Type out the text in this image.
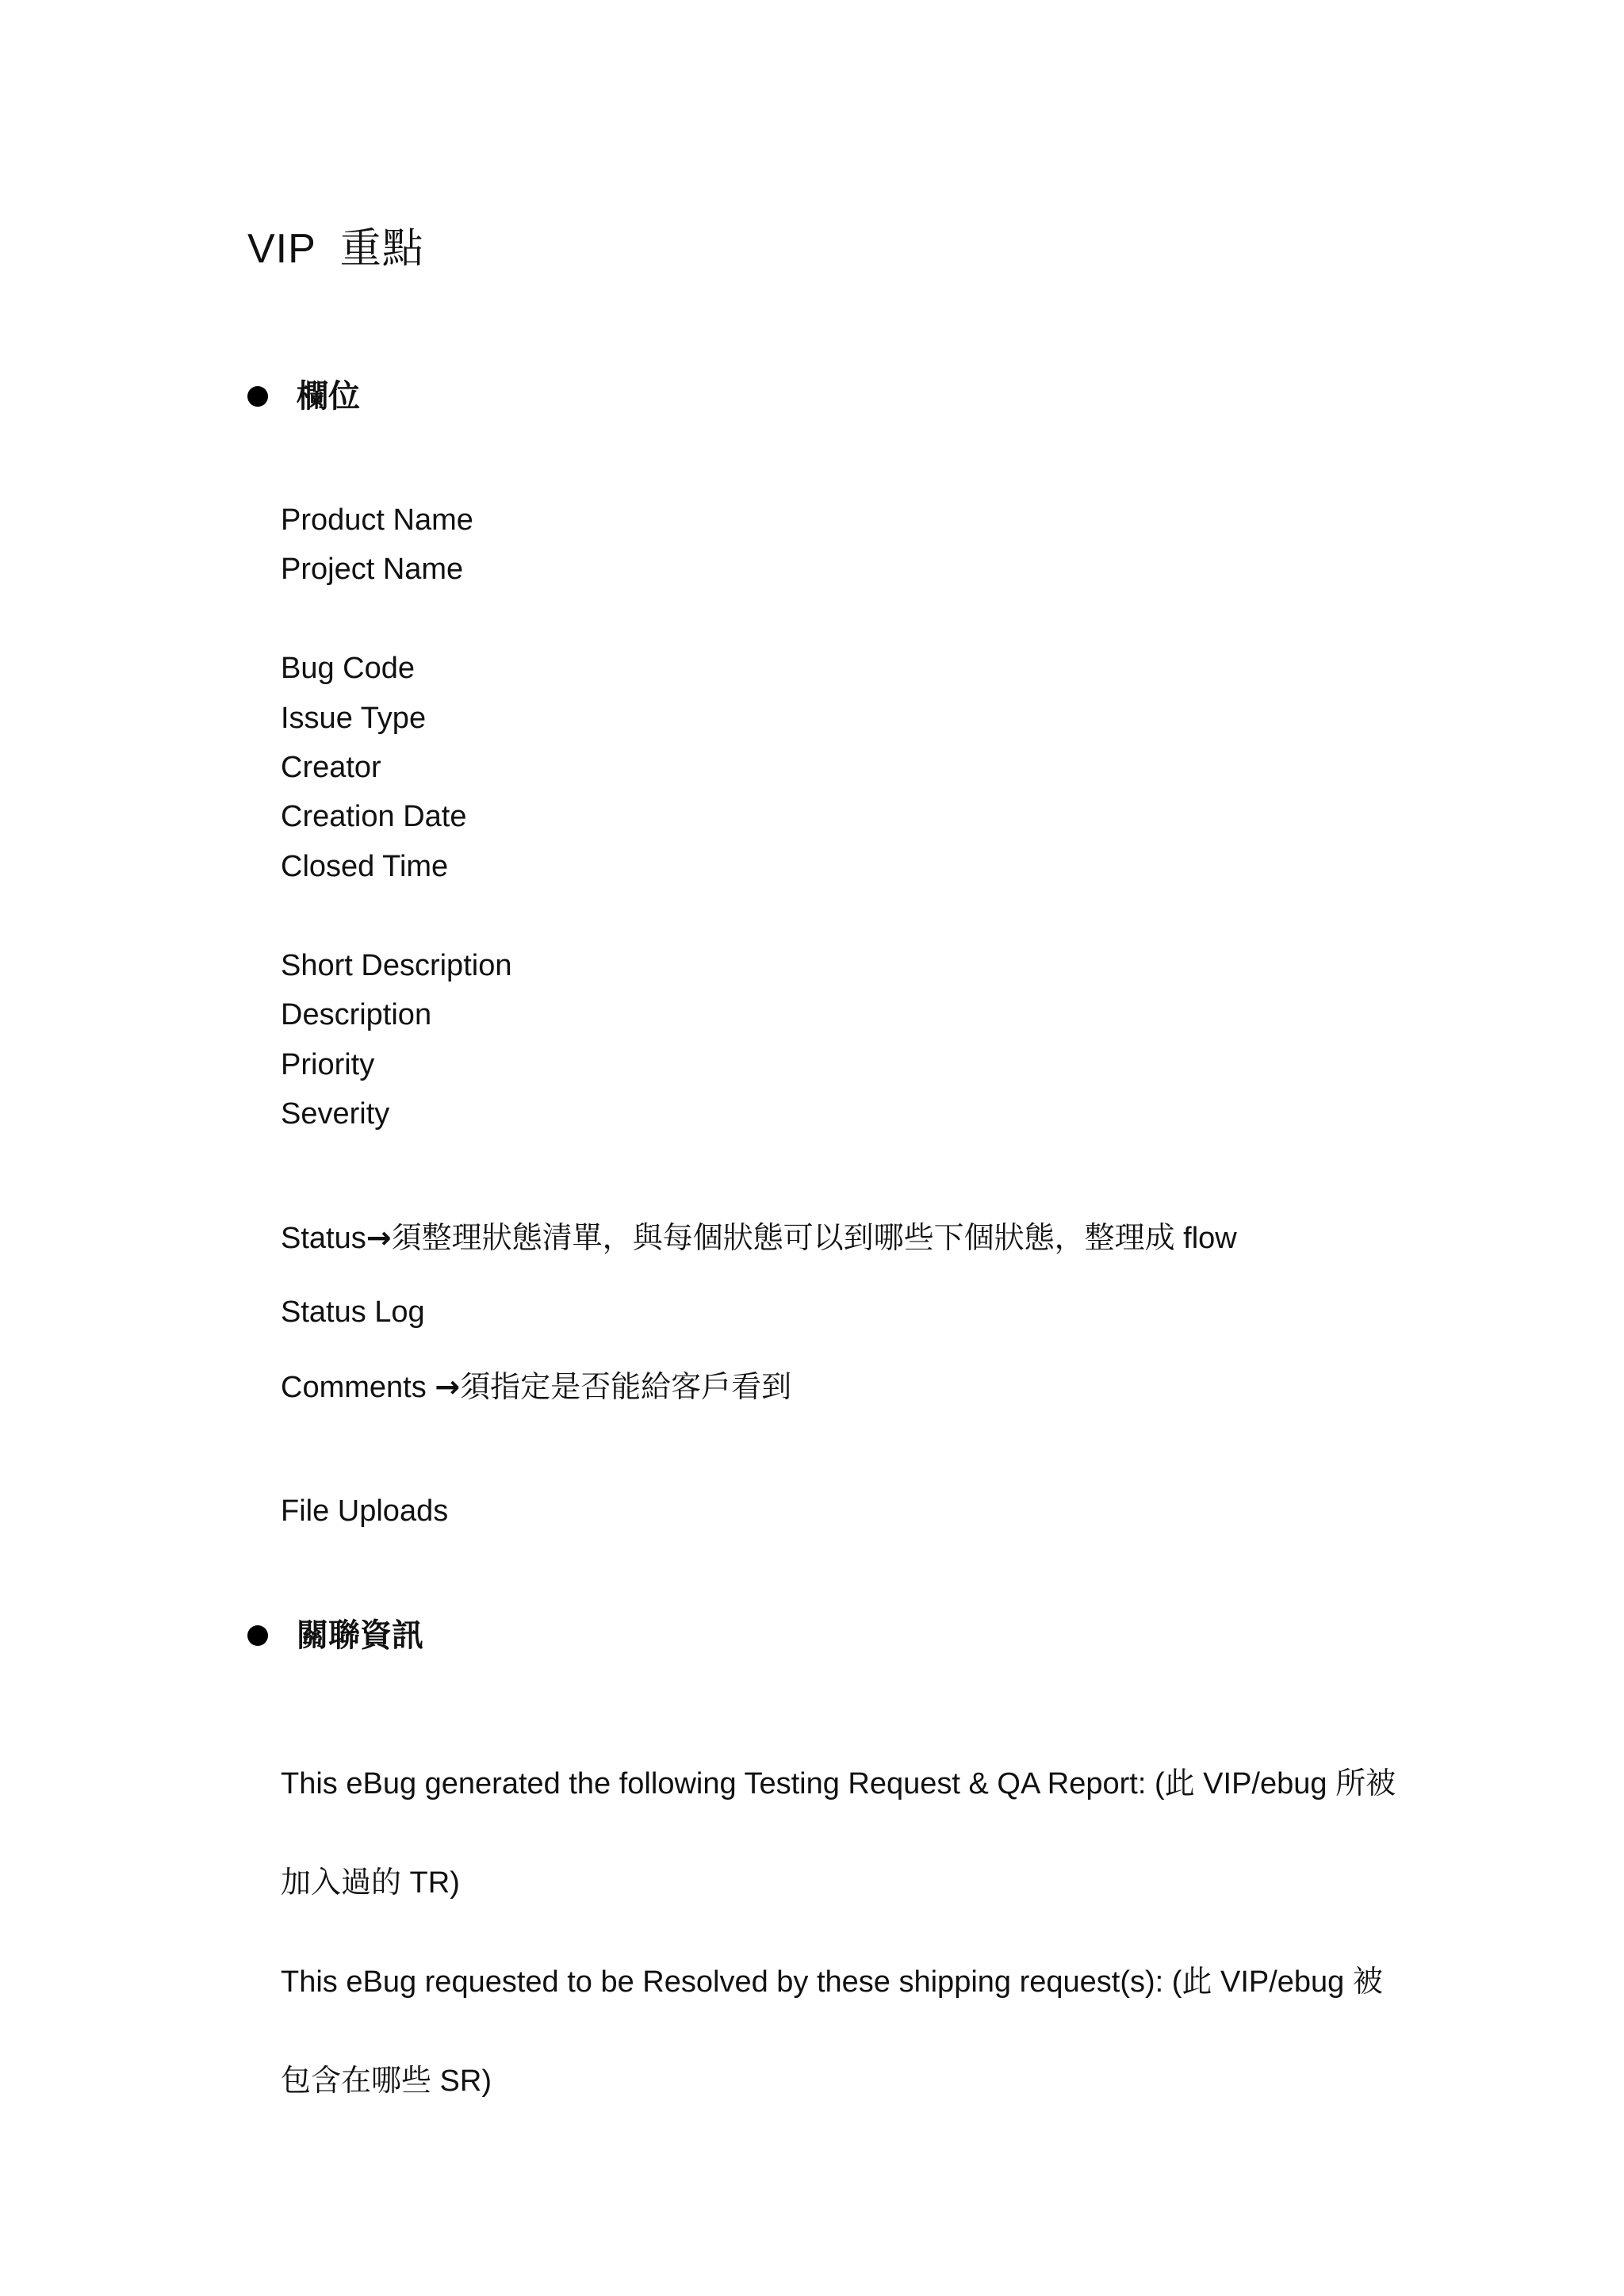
VIP  重點
欄位
Product Name
Project Name
Bug Code
Issue Type
Creator
Creation Date
Closed Time
Short Description
Description
Priority
Severity
Status→須整理狀態清單，與每個狀態可以到哪些下個狀態，整理成 flow
Status Log
Comments →須指定是否能給客戶看到
File Uploads
關聯資訊
This eBug generated the following Testing Request & QA Report: (此 VIP/ebug 所被
加入過的 TR)
This eBug requested to be Resolved by these shipping request(s): (此 VIP/ebug 被
包含在哪些 SR)
